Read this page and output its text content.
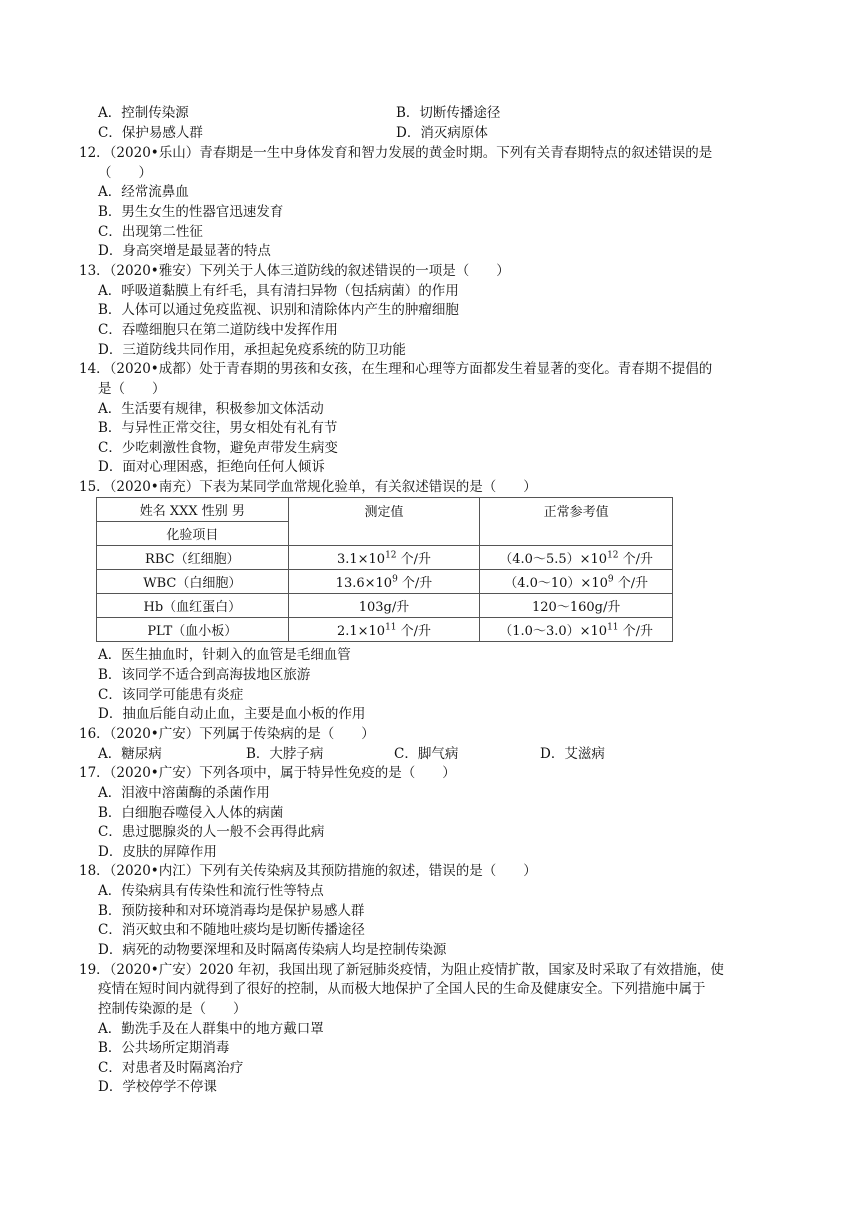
A．控制传染源	B．切断传播途径
C．保护易感人群	D．消灭病原体
12．（2020•乐山）青春期是一生中身体发育和智力发展的黄金时期。下列有关青春期特点的叙述错误的是
（　　）
A．经常流鼻血
B．男生女生的性器官迅速发育
C．出现第二性征
D．身高突增是最显著的特点
13．（2020•雅安）下列关于人体三道防线的叙述错误的一项是（　　）
A．呼吸道黏膜上有纤毛，具有清扫异物（包括病菌）的作用
B．人体可以通过免疫监视、识别和清除体内产生的肿瘤细胞
C．吞噬细胞只在第二道防线中发挥作用
D．三道防线共同作用，承担起免疫系统的防卫功能
14．（2020•成都）处于青春期的男孩和女孩，在生理和心理等方面都发生着显著的变化。青春期不提倡的
是（　　）
A．生活要有规律，积极参加文体活动
B．与异性正常交往，男女相处有礼有节
C．少吃刺激性食物，避免声带发生病变
D．面对心理困惑，拒绝向任何人倾诉
15．（2020•南充）下表为某同学血常规化验单，有关叙述错误的是（　　）
姓名 XXX 性别 男	测定值	正常参考值
化验项目		
RBC（红细胞）	$3.1\times 10^{12}$ 个/升	$(4.0\sim 5.5)\times 10^{12}$ 个/升
WBC（白细胞）	$13.6\times 10^9$ 个/升	$(4.0\sim 10)\times 10^9$ 个/升
Hb（血红蛋白）	103g/升	120～160g/升
PLT（血小板）	$2.1\times 10^{11}$ 个/升	$(1.0\sim 3.0)\times 10^{11}$ 个/升
A．医生抽血时，针刺入的血管是毛细血管
B．该同学不适合到高海拔地区旅游
C．该同学可能患有炎症
D．抽血后能自动止血，主要是血小板的作用
16．（2020•广安）下列属于传染病的是（　　）
A．糖尿病	B．大脖子病	C．脚气病	D．艾滋病
17．（2020•广安）下列各项中，属于特异性免疫的是（　　）
A．泪液中溶菌酶的杀菌作用
B．白细胞吞噬侵入人体的病菌
C．患过腮腺炎的人一般不会再得此病
D．皮肤的屏障作用
18．（2020•内江）下列有关传染病及其预防措施的叙述，错误的是（　　）
A．传染病具有传染性和流行性等特点
B．预防接种和对环境消毒均是保护易感人群
C．消灭蚊虫和不随地吐痰均是切断传播途径
D．病死的动物要深埋和及时隔离传染病人均是控制传染源
19．（2020•广安）2020 年初，我国出现了新冠肺炎疫情，为阻止疫情扩散，国家及时采取了有效措施，使
疫情在短时间内就得到了很好的控制，从而极大地保护了全国人民的生命及健康安全。下列措施中属于
控制传染源的是（　　）
A．勤洗手及在人群集中的地方戴口罩
B．公共场所定期消毒
C．对患者及时隔离治疗
D．学校停学不停课
